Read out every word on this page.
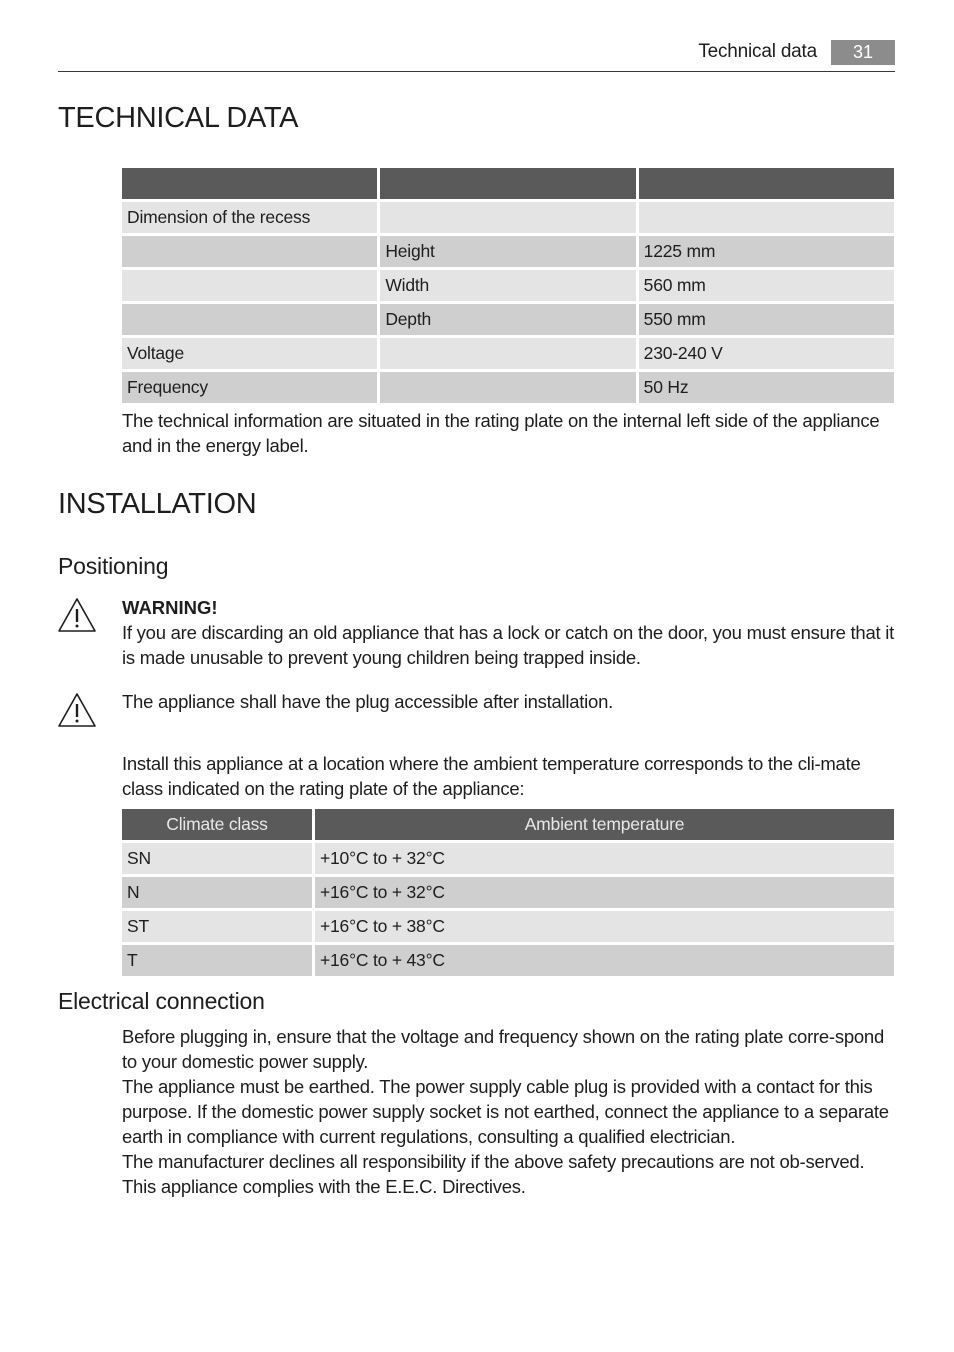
Technical data	31
TECHNICAL DATA

Dimension of the recess		
	Height	1225 mm
	Width	560 mm
	Depth	550 mm
Voltage		230-240 V
Frequency		50 Hz

The technical information are situated in the rating plate on the internal left side of the appliance and in the energy label.

INSTALLATION
Positioning
WARNING!
If you are discarding an old appliance that has a lock or catch on the door, you must ensure that it is made unusable to prevent young children being trapped inside.

The appliance shall have the plug accessible after installation.

Install this appliance at a location where the ambient temperature corresponds to the cli-mate class indicated on the rating plate of the appliance:

Climate class	Ambient temperature
SN	+10°C to + 32°C
N	+16°C to + 32°C
ST	+16°C to + 38°C
T	+16°C to + 43°C
Electrical connection
Before plugging in, ensure that the voltage and frequency shown on the rating plate corre-spond to your domestic power supply.
The appliance must be earthed. The power supply cable plug is provided with a contact for this purpose. If the domestic power supply socket is not earthed, connect the appliance to a separate earth in compliance with current regulations, consulting a qualified electrician.
The manufacturer declines all responsibility if the above safety precautions are not ob-served.
This appliance complies with the E.E.C. Directives.
